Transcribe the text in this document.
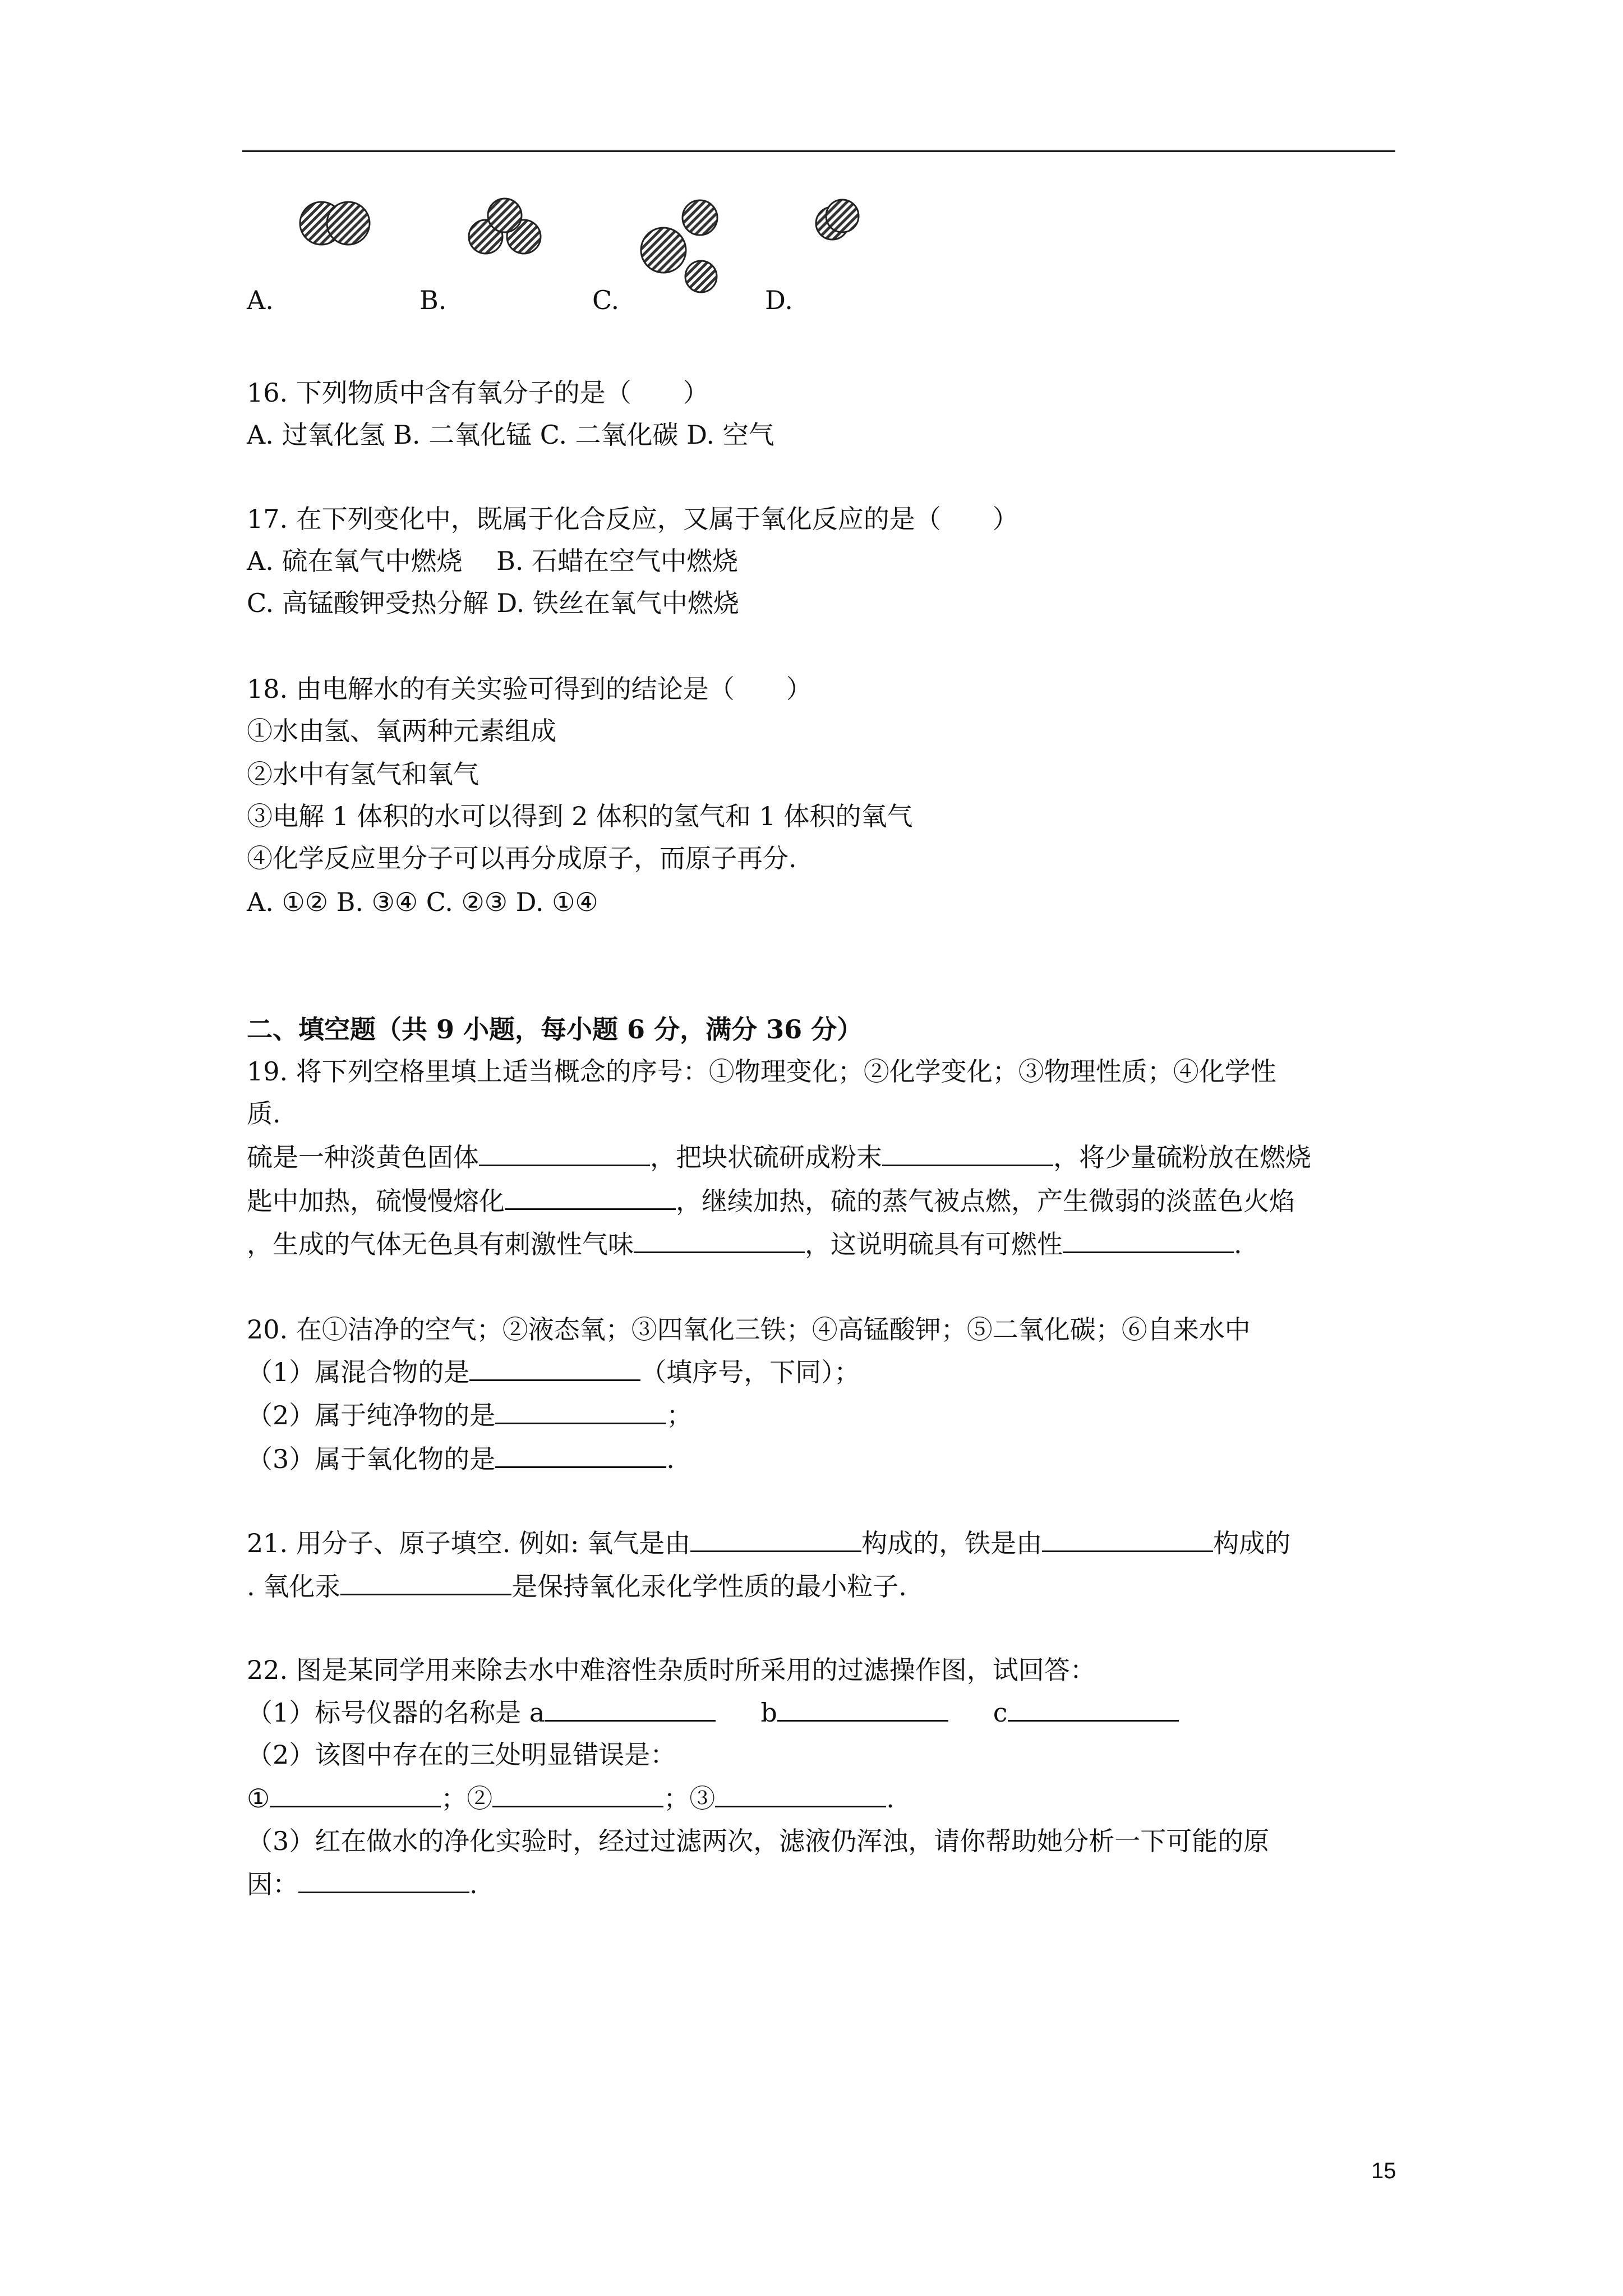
A.	B.	C.	D.
16. 下列物质中含有氧分子的是（　　）
A. 过氧化氢 B. 二氧化锰 C. 二氧化碳 D. 空气
17. 在下列变化中，既属于化合反应，又属于氧化反应的是（　　）
A. 硫在氧气中燃烧　 B. 石蜡在空气中燃烧
C. 高锰酸钾受热分解 D. 铁丝在氧气中燃烧
18. 由电解水的有关实验可得到的结论是（　　）
①水由氢、氧两种元素组成
②水中有氢气和氧气
③电解 1 体积的水可以得到 2 体积的氢气和 1 体积的氧气
④化学反应里分子可以再分成原子，而原子再分.
A. ①② B. ③④ C. ②③ D. ①④
二、填空题（共 9 小题，每小题 6 分，满分 36 分）
19. 将下列空格里填上适当概念的序号：①物理变化；②化学变化；③物理性质；④化学性
质.
硫是一种淡黄色固体	，把块状硫研成粉末	，将少量硫粉放在燃烧
匙中加热，硫慢慢熔化	，继续加热，硫的蒸气被点燃，产生微弱的淡蓝色火焰
，生成的气体无色具有刺激性气味	，这说明硫具有可燃性	.
20. 在①洁净的空气；②液态氧；③四氧化三铁；④高锰酸钾；⑤二氧化碳；⑥自来水中
（1）属混合物的是	（填序号，下同）；
（2）属于纯净物的是	；
（3）属于氧化物的是	.
21. 用分子、原子填空. 例如: 氧气是由	构成的，铁是由	构成的
. 氧化汞	是保持氧化汞化学性质的最小粒子.
22. 图是某同学用来除去水中难溶性杂质时所采用的过滤操作图，试回答：
（1）标号仪器的名称是 a	b	c
（2）该图中存在的三处明显错误是：
①	；②	；③	.
（3）红在做水的净化实验时，经过过滤两次，滤液仍浑浊，请你帮助她分析一下可能的原
因：	.
15
